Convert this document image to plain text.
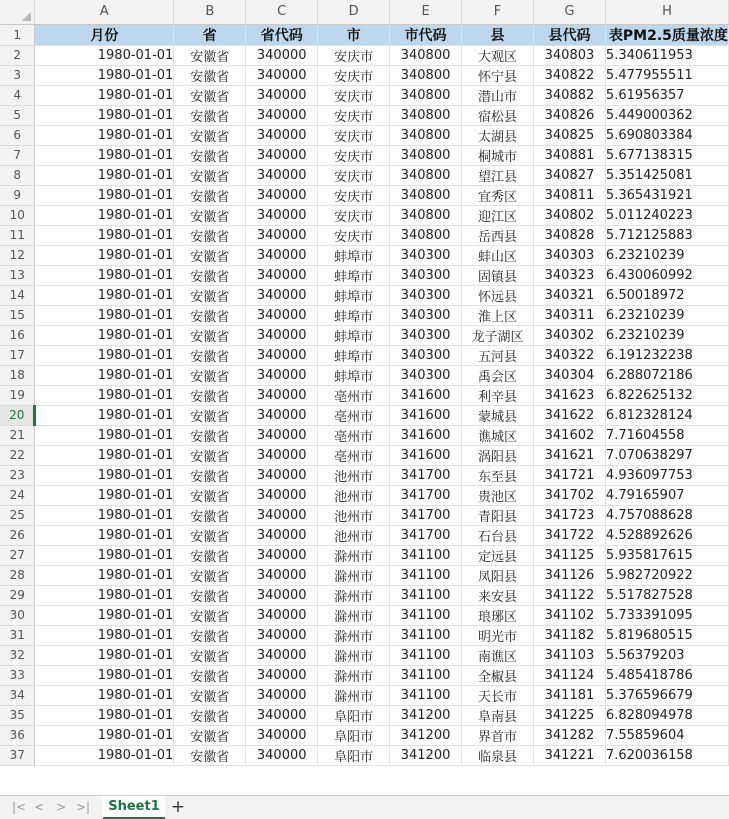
	A	B	C	D	E	F	G	H
1	月份	省	省代码	市	市代码	县	县代码	表PM2.5质量浓度
2	1980-01-01	安徽省	340000	安庆市	340800	大观区	340803	5.340611953
3	1980-01-01	安徽省	340000	安庆市	340800	怀宁县	340822	5.477955511
4	1980-01-01	安徽省	340000	安庆市	340800	潜山市	340882	5.61956357
5	1980-01-01	安徽省	340000	安庆市	340800	宿松县	340826	5.449000362
6	1980-01-01	安徽省	340000	安庆市	340800	太湖县	340825	5.690803384
7	1980-01-01	安徽省	340000	安庆市	340800	桐城市	340881	5.677138315
8	1980-01-01	安徽省	340000	安庆市	340800	望江县	340827	5.351425081
9	1980-01-01	安徽省	340000	安庆市	340800	宜秀区	340811	5.365431921
10	1980-01-01	安徽省	340000	安庆市	340800	迎江区	340802	5.011240223
11	1980-01-01	安徽省	340000	安庆市	340800	岳西县	340828	5.712125883
12	1980-01-01	安徽省	340000	蚌埠市	340300	蚌山区	340303	6.23210239
13	1980-01-01	安徽省	340000	蚌埠市	340300	固镇县	340323	6.430060992
14	1980-01-01	安徽省	340000	蚌埠市	340300	怀远县	340321	6.50018972
15	1980-01-01	安徽省	340000	蚌埠市	340300	淮上区	340311	6.23210239
16	1980-01-01	安徽省	340000	蚌埠市	340300	龙子湖区	340302	6.23210239
17	1980-01-01	安徽省	340000	蚌埠市	340300	五河县	340322	6.191232238
18	1980-01-01	安徽省	340000	蚌埠市	340300	禹会区	340304	6.288072186
19	1980-01-01	安徽省	340000	亳州市	341600	利辛县	341623	6.822625132
20	1980-01-01	安徽省	340000	亳州市	341600	蒙城县	341622	6.812328124
21	1980-01-01	安徽省	340000	亳州市	341600	谯城区	341602	7.71604558
22	1980-01-01	安徽省	340000	亳州市	341600	涡阳县	341621	7.070638297
23	1980-01-01	安徽省	340000	池州市	341700	东至县	341721	4.936097753
24	1980-01-01	安徽省	340000	池州市	341700	贵池区	341702	4.79165907
25	1980-01-01	安徽省	340000	池州市	341700	青阳县	341723	4.757088628
26	1980-01-01	安徽省	340000	池州市	341700	石台县	341722	4.528892626
27	1980-01-01	安徽省	340000	滁州市	341100	定远县	341125	5.935817615
28	1980-01-01	安徽省	340000	滁州市	341100	凤阳县	341126	5.982720922
29	1980-01-01	安徽省	340000	滁州市	341100	来安县	341122	5.517827528
30	1980-01-01	安徽省	340000	滁州市	341100	琅琊区	341102	5.733391095
31	1980-01-01	安徽省	340000	滁州市	341100	明光市	341182	5.819680515
32	1980-01-01	安徽省	340000	滁州市	341100	南谯区	341103	5.56379203
33	1980-01-01	安徽省	340000	滁州市	341100	全椒县	341124	5.485418786
34	1980-01-01	安徽省	340000	滁州市	341100	天长市	341181	5.376596679
35	1980-01-01	安徽省	340000	阜阳市	341200	阜南县	341225	6.828094978
36	1980-01-01	安徽省	340000	阜阳市	341200	界首市	341282	7.55859604
37	1980-01-01	安徽省	340000	阜阳市	341200	临泉县	341221	7.620036158
|< < > >|	Sheet1 +
